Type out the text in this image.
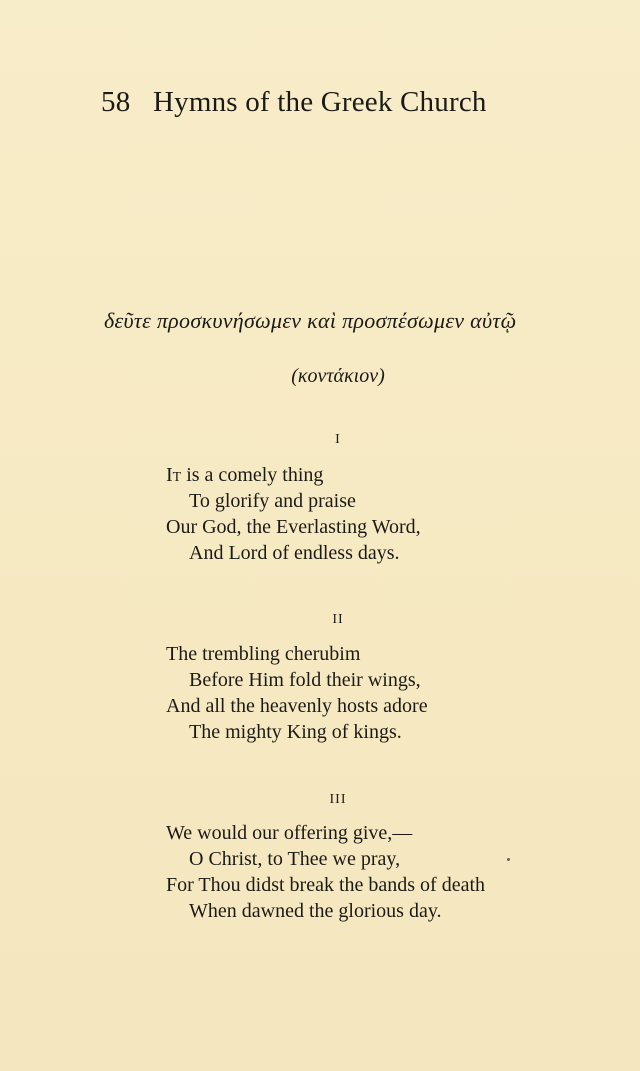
58 Hymns of the Greek Church
δεῦτε προσκυνήσωμεν καὶ προσπέσωμεν αὐτῷ
(κοντάκιον)
I
It is a comely thing
To glorify and praise
Our God, the Everlasting Word,
And Lord of endless days.
II
The trembling cherubim
Before Him fold their wings,
And all the heavenly hosts adore
The mighty King of kings.
III
We would our offering give,—
O Christ, to Thee we pray,
For Thou didst break the bands of death
When dawned the glorious day.
